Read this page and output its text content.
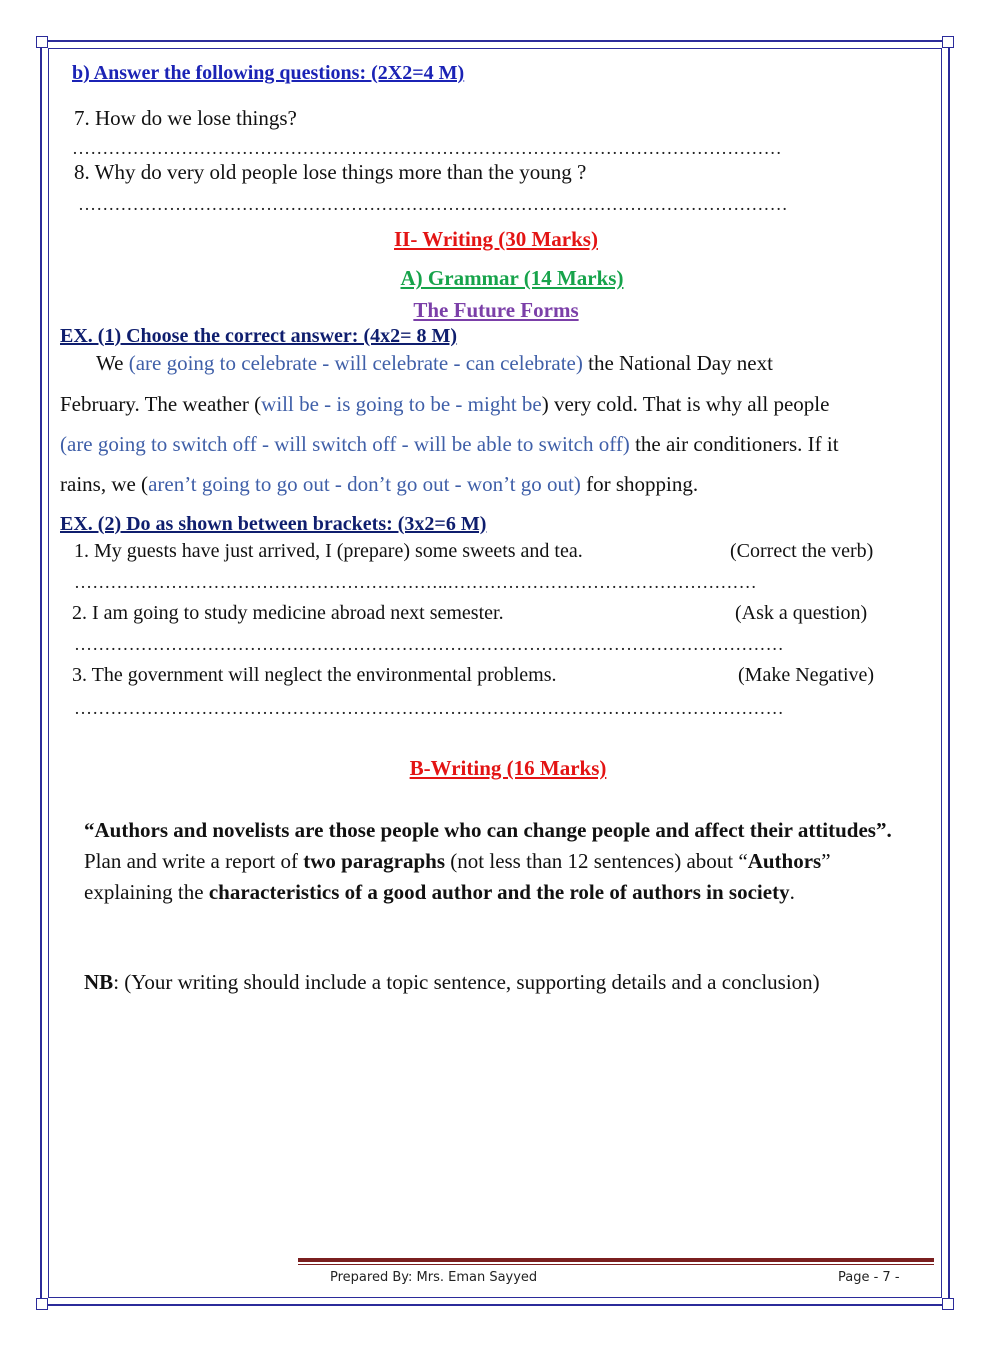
b) Answer the following questions: (2X2=4 M)
7. How do we lose things?
………………………………………………………………………………………………………
8. Why do very old people lose things more than the young ?
………………………………………………………………………………………………………
II- Writing (30 Marks)
A) Grammar (14 Marks)
The Future Forms
EX. (1) Choose the correct answer: (4x2= 8 M)
We (are going to celebrate - will celebrate - can celebrate) the National Day next
February. The weather (will be - is going to be - might be) very cold. That is why all people
(are going to switch off - will switch off - will be able to switch off) the air conditioners. If it
rains, we (aren’t going to go out - don’t go out - won’t go out) for shopping.
EX. (2) Do as shown between brackets: (3x2=6 M)
1. My guests have just arrived, I (prepare) some sweets and tea.	(Correct the verb)
……………………………………………………..……………………………………………
2. I am going to study medicine abroad next semester.	(Ask a question)
………………………………………………………………………………………………………
3. The government will neglect the environmental problems.	(Make Negative)
………………………………………………………………………………………………………
B-Writing (16 Marks)
“Authors and novelists are those people who can change people and affect their attitudes”. Plan and write a report of two paragraphs (not less than 12 sentences) about “Authors” explaining the characteristics of a good author and the role of authors in society.
NB: (Your writing should include a topic sentence, supporting details and a conclusion)
Prepared By: Mrs. Eman Sayyed	Page - 7 -
